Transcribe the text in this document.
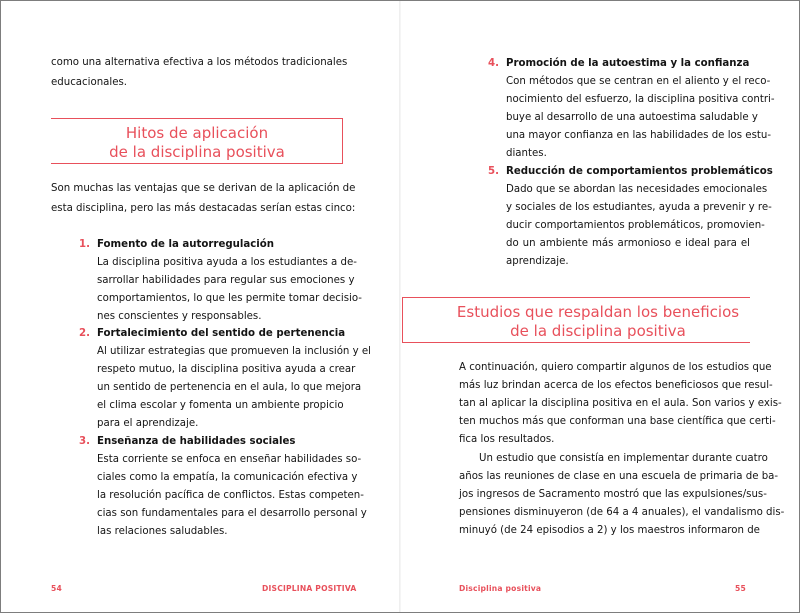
como una alternativa efectiva a los métodos tradicionales
educacionales.
Hitos de aplicación
de la disciplina positiva
Son muchas las ventajas que se derivan de la aplicación de
esta disciplina, pero las más destacadas serían estas cinco:
1. Fomento de la autorregulación
La disciplina positiva ayuda a los estudiantes a de-
sarrollar habilidades para regular sus emociones y
comportamientos, lo que les permite tomar decisio-
nes conscientes y responsables.
2. Fortalecimiento del sentido de pertenencia
Al utilizar estrategias que promueven la inclusión y el
respeto mutuo, la disciplina positiva ayuda a crear
un sentido de pertenencia en el aula, lo que mejora
el clima escolar y fomenta un ambiente propicio
para el aprendizaje.
3. Enseñanza de habilidades sociales
Esta corriente se enfoca en enseñar habilidades so-
ciales como la empatía, la comunicación efectiva y
la resolución pacífica de conflictos. Estas competen-
cias son fundamentales para el desarrollo personal y
las relaciones saludables.
54	DISCIPLINA POSITIVA
4. Promoción de la autoestima y la confianza
Con métodos que se centran en el aliento y el reco-
nocimiento del esfuerzo, la disciplina positiva contri-
buye al desarrollo de una autoestima saludable y
una mayor confianza en las habilidades de los estu-
diantes.
5. Reducción de comportamientos problemáticos
Dado que se abordan las necesidades emocionales
y sociales de los estudiantes, ayuda a prevenir y re-
ducir comportamientos problemáticos, promovien-
do un ambiente más armonioso e ideal para el
aprendizaje.
Estudios que respaldan los beneficios
de la disciplina positiva
A continuación, quiero compartir algunos de los estudios que
más luz brindan acerca de los efectos beneficiosos que resul-
tan al aplicar la disciplina positiva en el aula. Son varios y exis-
ten muchos más que conforman una base científica que certi-
fica los resultados.
Un estudio que consistía en implementar durante cuatro
años las reuniones de clase en una escuela de primaria de ba-
jos ingresos de Sacramento mostró que las expulsiones/sus-
pensiones disminuyeron (de 64 a 4 anuales), el vandalismo dis-
minuyó (de 24 episodios a 2) y los maestros informaron de
Disciplina positiva	55
